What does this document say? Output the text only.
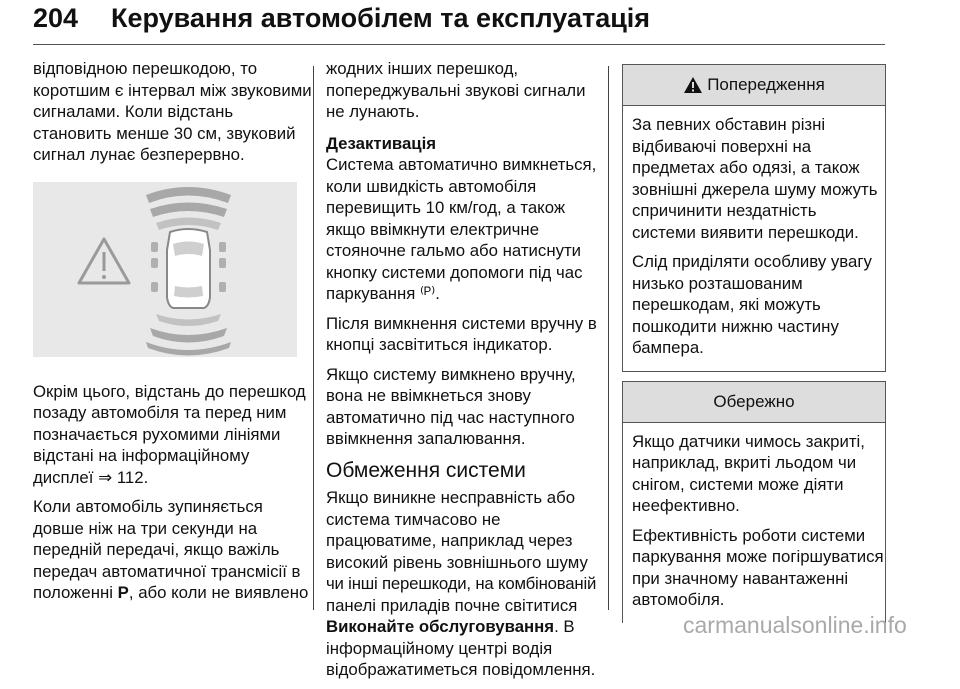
204 Керування автомобілем та експлуатація

відповідною перешкодою, то
коротшим є інтервал між звуковими
сигналами. Коли відстань
становить менше 30 см, звуковий
сигнал лунає безперервно.

Окрім цього, відстань до перешкод
позаду автомобіля та перед ним
позначається рухомими лініями
відстані на інформаційному
дисплеї ⇒ 112.

Коли автомобіль зупиняється
довше ніж на три секунди на
передній передачі, якщо важіль
передач автоматичної трансмісії в
положенні P, або коли не виявлено

жодних інших перешкод,
попереджувальні звукові сигнали
не лунають.

Дезактивація

Система автоматично вимкнеться,
коли швидкість автомобіля
перевищить 10 км/год, а також
якщо ввімкнути електричне
стояночне гальмо або натиснути
кнопку системи допомоги під час
паркування ⁽ᴾ⁾.

Після вимкнення системи вручну в
кнопці засвітиться індикатор.

Якщо систему вимкнено вручну,
вона не ввімкнеться знову
автоматично під час наступного
ввімкнення запалювання.

Обмеження системи

Якщо виникне несправність або
система тимчасово не
працюватиме, наприклад через
високий рівень зовнішнього шуму
чи інші перешкоди, на комбінованій
панелі приладів почне світитися
Виконайте обслуговування. В
інформаційному центрі водія
відображатиметься повідомлення.

Попередження

За певних обставин різні
відбиваючі поверхні на
предметах або одязі, а також
зовнішні джерела шуму можуть
спричинити нездатність
системи виявити перешкоди.

Слід приділяти особливу увагу
низько розташованим
перешкодам, які можуть
пошкодити нижню частину
бампера.

Обережно

Якщо датчики чимось закриті,
наприклад, вкриті льодом чи
снігом, системи може діяти
неефективно.

Ефективність роботи системи
паркування може погіршуватися
при значному навантаженні
автомобіля.

carmanualsonline.info
